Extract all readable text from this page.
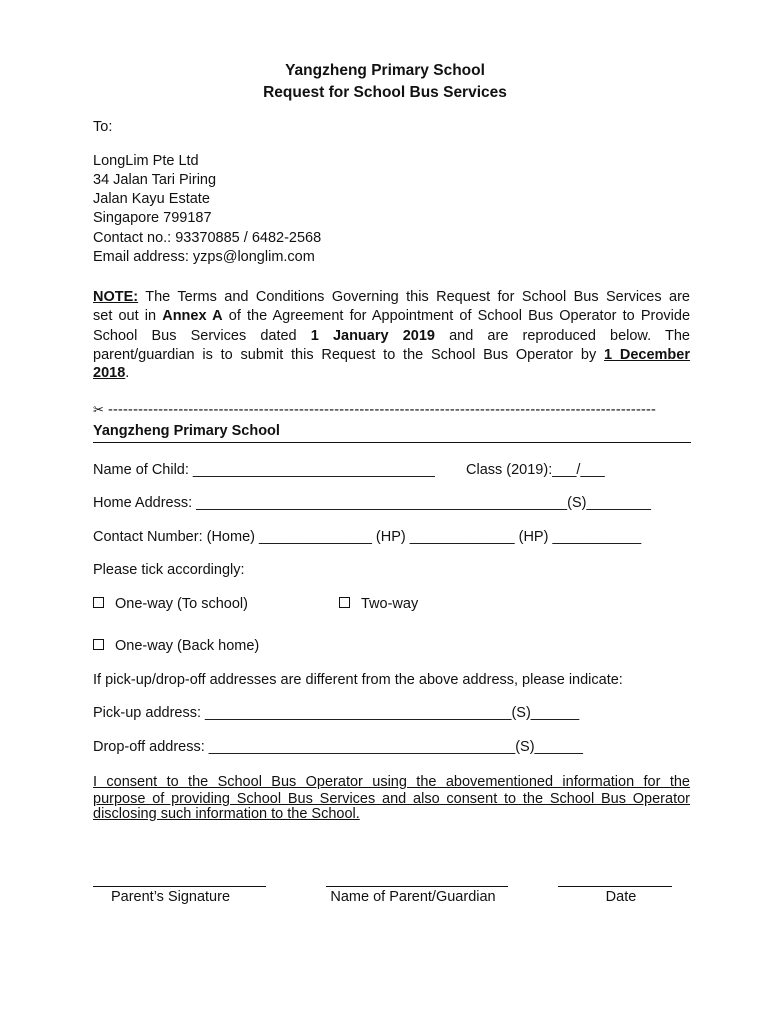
Yangzheng Primary School
Request for School Bus Services
To:
LongLim Pte Ltd
34 Jalan Tari Piring
Jalan Kayu Estate
Singapore 799187
Contact no.: 93370885 / 6482-2568
Email address: yzps@longlim.com
NOTE: The Terms and Conditions Governing this Request for School Bus Services are
set out in Annex A of the Agreement for Appointment of School Bus Operator to Provide
School Bus Services dated 1 January 2019 and are reproduced below. The
parent/guardian is to submit this Request to the School Bus Operator by 1 December
2018.
✂ -------------------------------------------------------------------------------------------------------------
Yangzheng Primary School
Name of Child: ______________________________ Class (2019):___/___
Home Address: ______________________________________________(S)________
Contact Number: (Home) ______________ (HP) _____________ (HP) ___________
Please tick accordingly:
One-way (To school)	Two-way
One-way (Back home)
If pick-up/drop-off addresses are different from the above address, please indicate:
Pick-up address: ______________________________________(S)______
Drop-off address: ______________________________________(S)______
I consent to the School Bus Operator using the abovementioned information for the
purpose of providing School Bus Services and also consent to the School Bus Operator
disclosing such information to the School.
Parent’s Signature	Name of Parent/Guardian	Date
